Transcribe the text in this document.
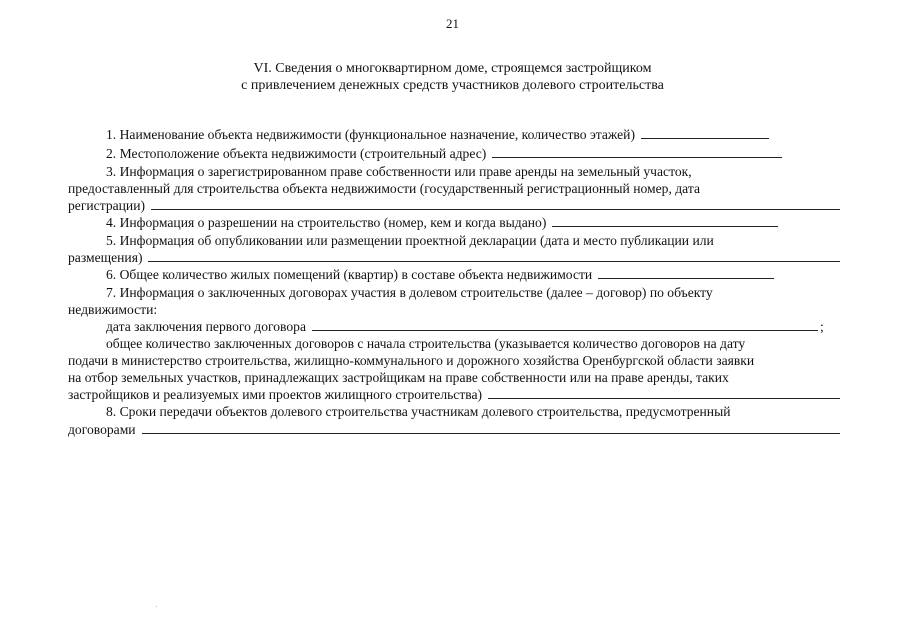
21
VI. Сведения о многоквартирном доме, строящемся застройщиком
с привлечением денежных средств участников долевого строительства
1. Наименование объекта недвижимости (функциональное назначение, количество этажей)
2. Местоположение объекта недвижимости (строительный адрес)
3. Информация о зарегистрированном праве собственности или праве аренды на земельный участок,
предоставленный для строительства объекта недвижимости (государственный регистрационный номер, дата
регистрации)
4. Информация о разрешении на строительство (номер, кем и когда выдано)
5. Информация об опубликовании или размещении проектной декларации (дата и место публикации или
размещения)
6. Общее количество жилых помещений (квартир) в составе объекта недвижимости
7. Информация о заключенных договорах участия в долевом строительстве (далее – договор) по объекту
недвижимости:
дата заключения первого договора	;
общее количество заключенных договоров с начала строительства (указывается количество договоров на дату
подачи в министерство строительства, жилищно-коммунального и дорожного хозяйства Оренбургской области заявки
на отбор земельных участков, принадлежащих застройщикам на праве собственности или на праве аренды, таких
застройщиков и реализуемых ими проектов жилищного строительства)
8. Сроки передачи объектов долевого строительства участникам долевого строительства, предусмотренный
договорами
